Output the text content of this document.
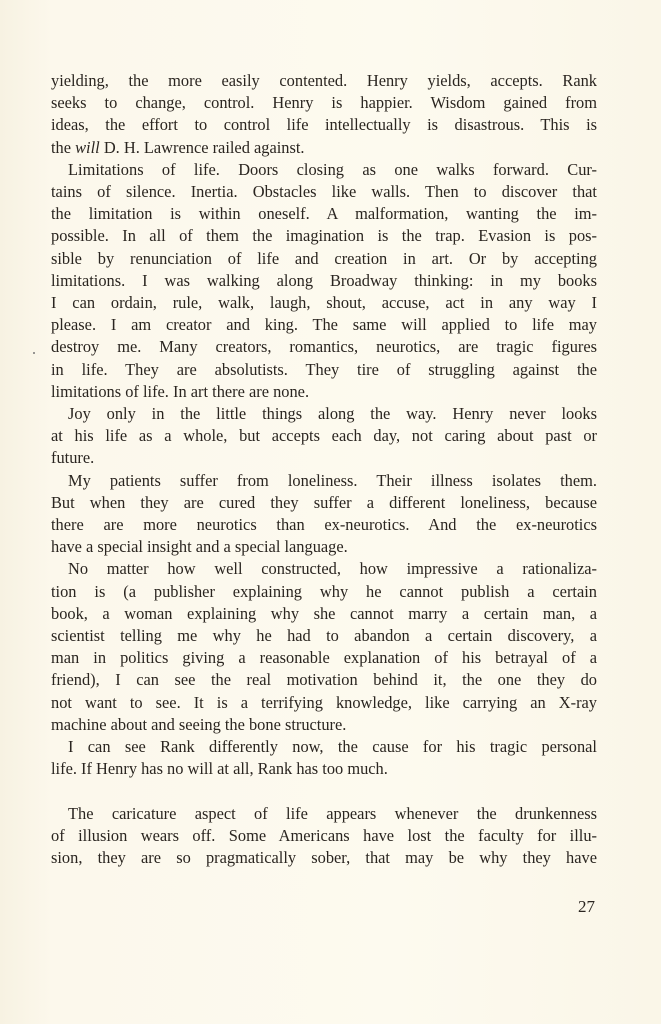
yielding, the more easily contented. Henry yields, accepts. Rank
seeks to change, control. Henry is happier. Wisdom gained from
ideas, the effort to control life intellectually is disastrous. This is
the will D. H. Lawrence railed against.

Limitations of life. Doors closing as one walks forward. Cur-
tains of silence. Inertia. Obstacles like walls. Then to discover that
the limitation is within oneself. A malformation, wanting the im-
possible. In all of them the imagination is the trap. Evasion is pos-
sible by renunciation of life and creation in art. Or by accepting
limitations. I was walking along Broadway thinking: in my books
I can ordain, rule, walk, laugh, shout, accuse, act in any way I
please. I am creator and king. The same will applied to life may
destroy me. Many creators, romantics, neurotics, are tragic figures
in life. They are absolutists. They tire of struggling against the
limitations of life. In art there are none.

Joy only in the little things along the way. Henry never looks
at his life as a whole, but accepts each day, not caring about past or
future.

My patients suffer from loneliness. Their illness isolates them.
But when they are cured they suffer a different loneliness, because
there are more neurotics than ex-neurotics. And the ex-neurotics
have a special insight and a special language.

No matter how well constructed, how impressive a rationaliza-
tion is (a publisher explaining why he cannot publish a certain
book, a woman explaining why she cannot marry a certain man, a
scientist telling me why he had to abandon a certain discovery, a
man in politics giving a reasonable explanation of his betrayal of a
friend), I can see the real motivation behind it, the one they do
not want to see. It is a terrifying knowledge, like carrying an X-ray
machine about and seeing the bone structure.

I can see Rank differently now, the cause for his tragic personal
life. If Henry has no will at all, Rank has too much.

The caricature aspect of life appears whenever the drunkenness
of illusion wears off. Some Americans have lost the faculty for illu-
sion, they are so pragmatically sober, that may be why they have

27
